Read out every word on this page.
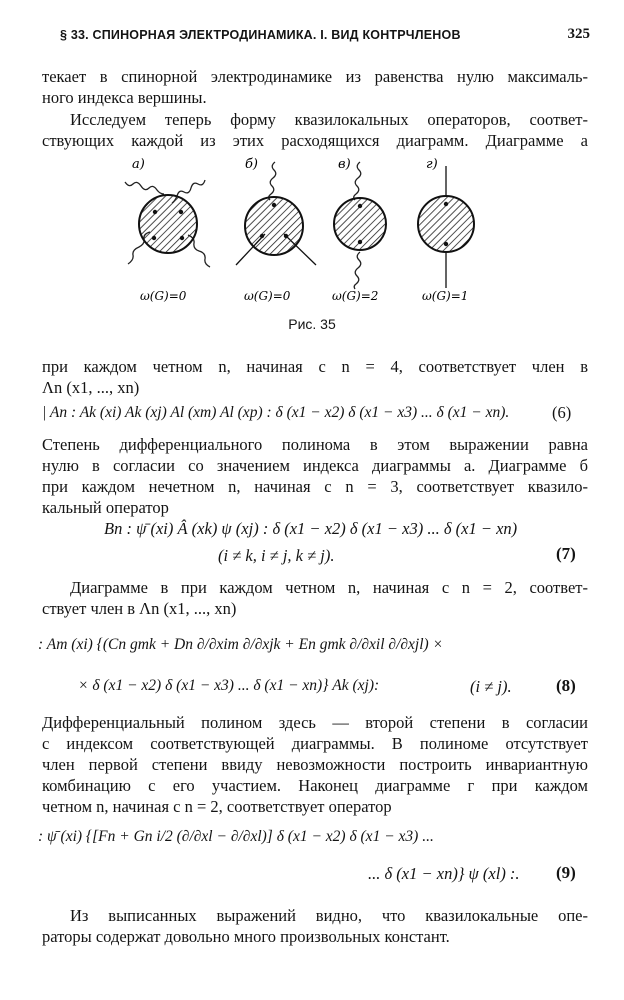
§ 33. СПИНОРНАЯ ЭЛЕКТРОДИНАМИКА. I. ВИД КОНТРЧЛЕНОВ	325
текает в спинорной электродинамике из равенства нулю максималь-
ного индекса вершины.
Исследуем теперь форму квазилокальных операторов, соответ-
ствующих каждой из этих расходящихся диаграмм. Диаграмме a
а)	б)	в)	г)
ω(G)=0	ω(G)=0	ω(G)=2	ω(G)=1
Рис. 35
при каждом четном n, начиная с n = 4, соответствует член в
Λn (x1, ..., xn)
| An : Ak (xi) Ak (xj) Al (xm) Al (xp) : δ (x1 − x2) δ (x1 − x3) ... δ (x1 − xn).	(6)
Степень дифференциального полинома в этом выражении равна
нулю в согласии со значением индекса диаграммы а. Диаграмме б
при каждом нечетном n, начиная с n = 3, соответствует квазило-
кальный оператор
Bn : ψ̄ (xi) Â (xk) ψ (xj) : δ (x1 − x2) δ (x1 − x3) ... δ (x1 − xn)
(i ≠ k, i ≠ j, k ≠ j).	(7)
Диаграмме в при каждом четном n, начиная с n = 2, соответ-
ствует член в Λn (x1, ..., xn)
: Am (xi) {(Cn gmk + Dn ∂/∂xim ∂/∂xjk + En gmk ∂/∂xil ∂/∂xjl) ×
× δ (x1 − x2) δ (x1 − x3) ... δ (x1 − xn)} Ak (xj):	(i ≠ j).	(8)
Дифференциальный полином здесь — второй степени в согласии
с индексом соответствующей диаграммы. В полиноме отсутствует
член первой степени ввиду невозможности построить инвариантную
комбинацию с его участием. Наконец диаграмме г при каждом
четном n, начиная с n = 2, соответствует оператор
: ψ̄ (xi) {[Fn + Gn i/2 (∂/∂xl − ∂/∂xl)] δ (x1 − x2) δ (x1 − x3) ...
... δ (x1 − xn)} ψ (xl) :. (9)
Из выписанных выражений видно, что квазилокальные опе-
раторы содержат довольно много произвольных констант.
